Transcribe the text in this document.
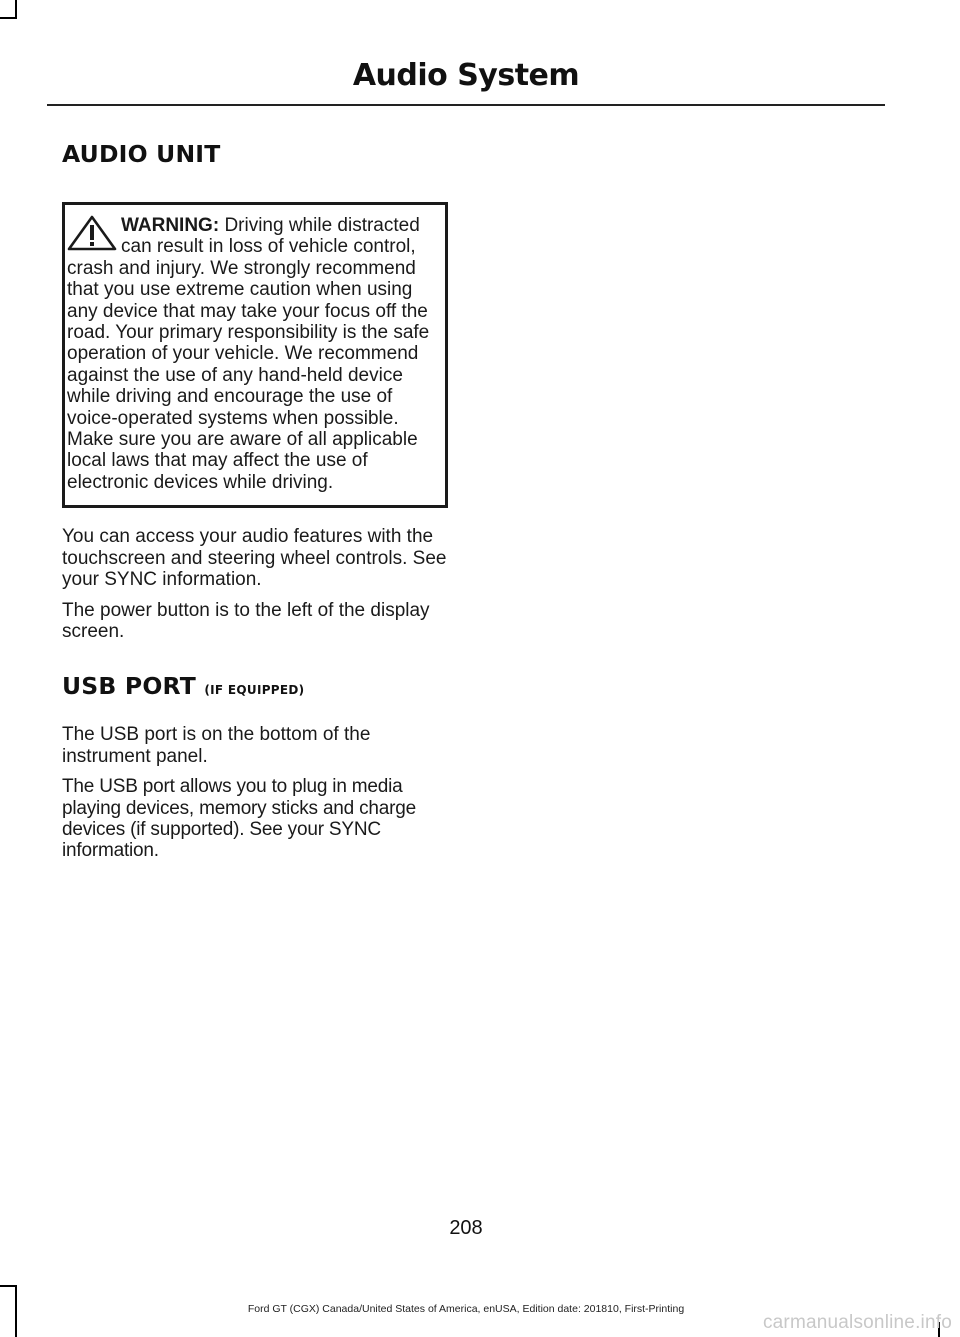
Audio System
AUDIO UNIT
WARNING: Driving while distracted can result in loss of vehicle control, crash and injury. We strongly recommend that you use extreme caution when using any device that may take your focus off the road. Your primary responsibility is the safe operation of your vehicle. We recommend against the use of any hand-held device while driving and encourage the use of voice-operated systems when possible. Make sure you are aware of all applicable local laws that may affect the use of electronic devices while driving.

You can access your audio features with the touchscreen and steering wheel controls. See your SYNC information.

The power button is to the left of the display screen.

USB PORT (IF EQUIPPED)

The USB port is on the bottom of the instrument panel.

The USB port allows you to plug in media playing devices, memory sticks and charge devices (if supported). See your SYNC information.

208
Ford GT (CGX) Canada/United States of America, enUSA, Edition date: 201810, First-Printing
carmanualsonline.info
